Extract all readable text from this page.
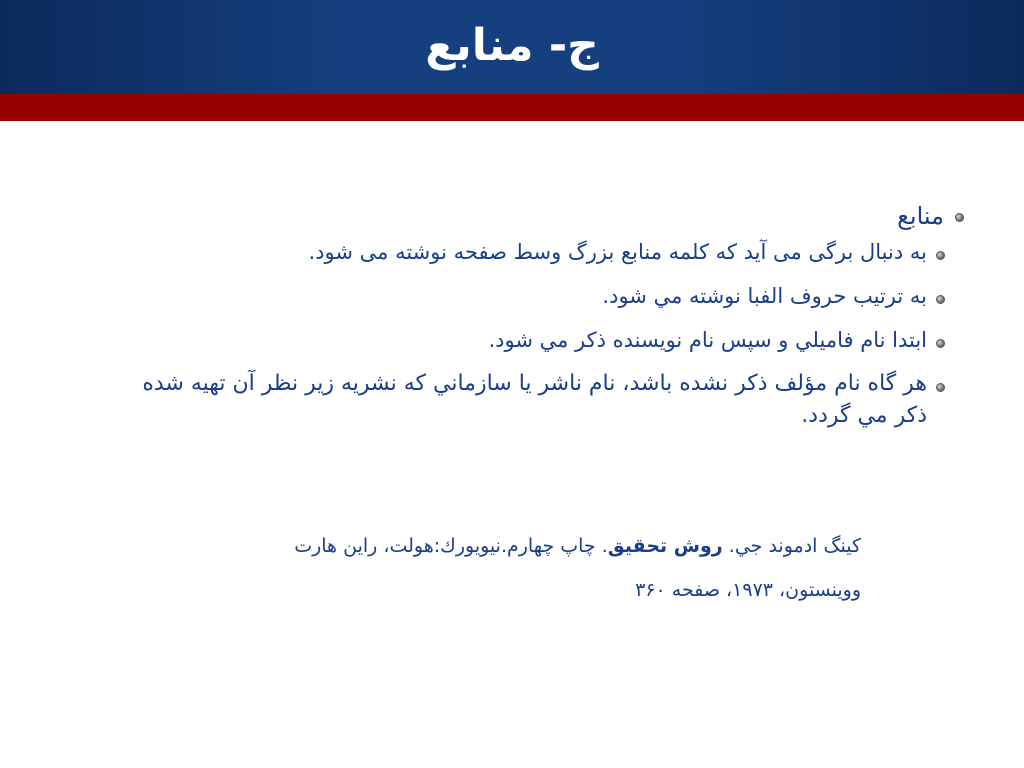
ج- منابع
منابع
به دنبال برگی می آید که کلمه منابع بزرگ وسط صفحه نوشته می شود.
به ترتيب حروف الفبا نوشته مي شود.
ابتدا نام فاميلي و سپس نام نويسنده ذكر مي شود.
هر گاه نام مؤلف ذكر نشده باشد، نام ناشر يا سازماني كه نشريه زير نظر آن تهيه شده ذكر مي گردد.
كينگ ادموند جي. روش تحقيق. چاپ چهارم.نيويورك:هولت، راين هارت
ووينستون، ۱۹۷۳، صفحه ۳۶۰
